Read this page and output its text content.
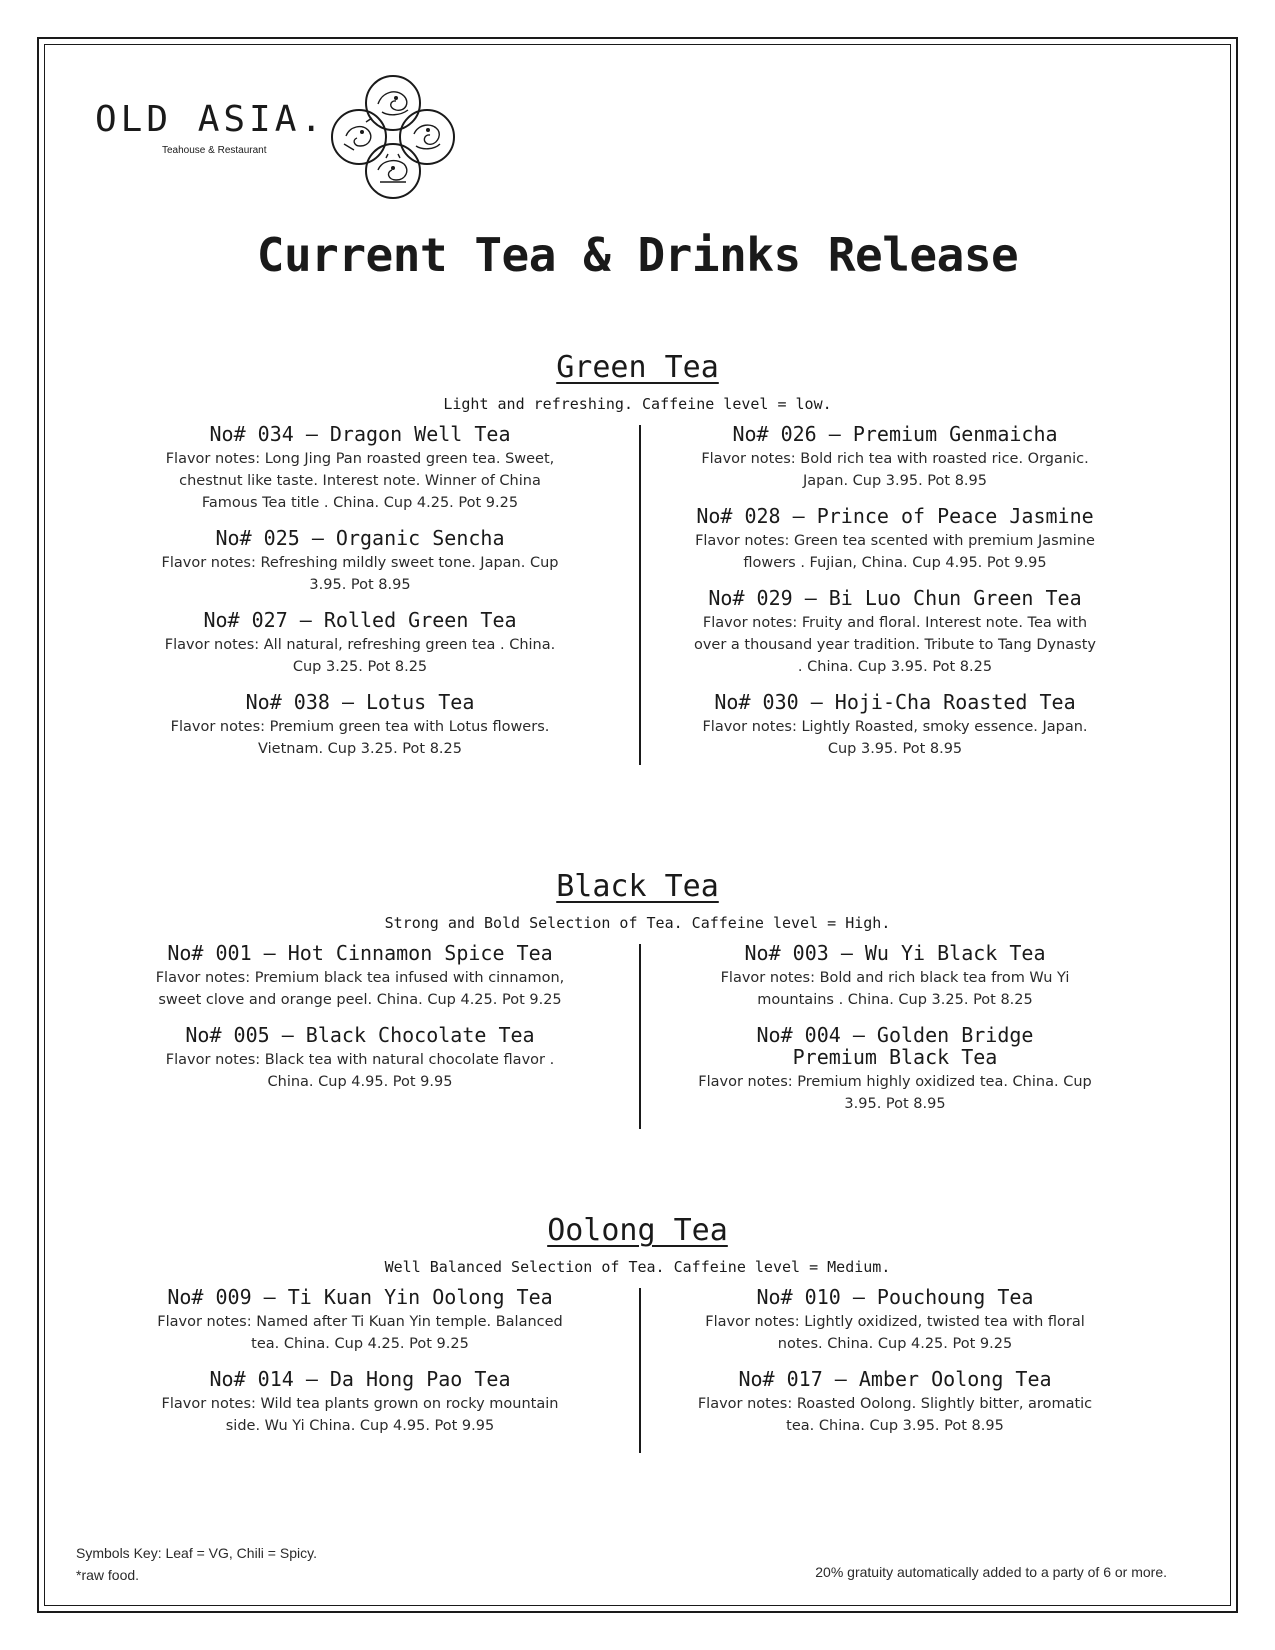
OLD ASIA.
Teahouse & Restaurant
Current Tea & Drinks Release
Green Tea
Light and refreshing. Caffeine level = low.
No# 034 – Dragon Well Tea
Flavor notes: Long Jing Pan roasted green tea. Sweet, chestnut like taste. Interest note. Winner of China Famous Tea title . China. Cup 4.25. Pot 9.25
No# 025 – Organic Sencha
Flavor notes: Refreshing mildly sweet tone. Japan. Cup 3.95. Pot 8.95
No# 027 – Rolled Green Tea
Flavor notes: All natural, refreshing green tea . China. Cup 3.25. Pot 8.25
No# 038 – Lotus Tea
Flavor notes: Premium green tea with Lotus flowers. Vietnam. Cup 3.25. Pot 8.25
No# 026 – Premium Genmaicha
Flavor notes: Bold rich tea with roasted rice. Organic. Japan. Cup 3.95. Pot 8.95
No# 028 – Prince of Peace Jasmine
Flavor notes: Green tea scented with premium Jasmine flowers . Fujian, China. Cup 4.95. Pot 9.95
No# 029 – Bi Luo Chun Green Tea
Flavor notes: Fruity and floral. Interest note. Tea with over a thousand year tradition. Tribute to Tang Dynasty . China. Cup 3.95. Pot 8.25
No# 030 – Hoji-Cha Roasted Tea
Flavor notes: Lightly Roasted, smoky essence. Japan. Cup 3.95. Pot 8.95
Black Tea
Strong and Bold Selection of Tea. Caffeine level = High.
No# 001 – Hot Cinnamon Spice Tea
Flavor notes: Premium black tea infused with cinnamon, sweet clove and orange peel. China. Cup 4.25. Pot 9.25
No# 005 – Black Chocolate Tea
Flavor notes: Black tea with natural chocolate flavor . China. Cup 4.95. Pot 9.95
No# 003 – Wu Yi Black Tea
Flavor notes: Bold and rich black tea from Wu Yi mountains . China. Cup 3.25. Pot 8.25
No# 004 – Golden Bridge Premium Black Tea
Flavor notes: Premium highly oxidized tea. China. Cup 3.95. Pot 8.95
Oolong Tea
Well Balanced Selection of Tea. Caffeine level = Medium.
No# 009 – Ti Kuan Yin Oolong Tea
Flavor notes: Named after Ti Kuan Yin temple. Balanced tea. China. Cup 4.25. Pot 9.25
No# 014 – Da Hong Pao Tea
Flavor notes: Wild tea plants grown on rocky mountain side. Wu Yi China. Cup 4.95. Pot 9.95
No# 010 – Pouchoung Tea
Flavor notes: Lightly oxidized, twisted tea with floral notes. China. Cup 4.25. Pot 9.25
No# 017 – Amber Oolong Tea
Flavor notes: Roasted Oolong. Slightly bitter, aromatic tea. China. Cup 3.95. Pot 8.95
Symbols Key: Leaf = VG, Chili = Spicy.
*raw food.	20% gratuity automatically added to a party of 6 or more.
